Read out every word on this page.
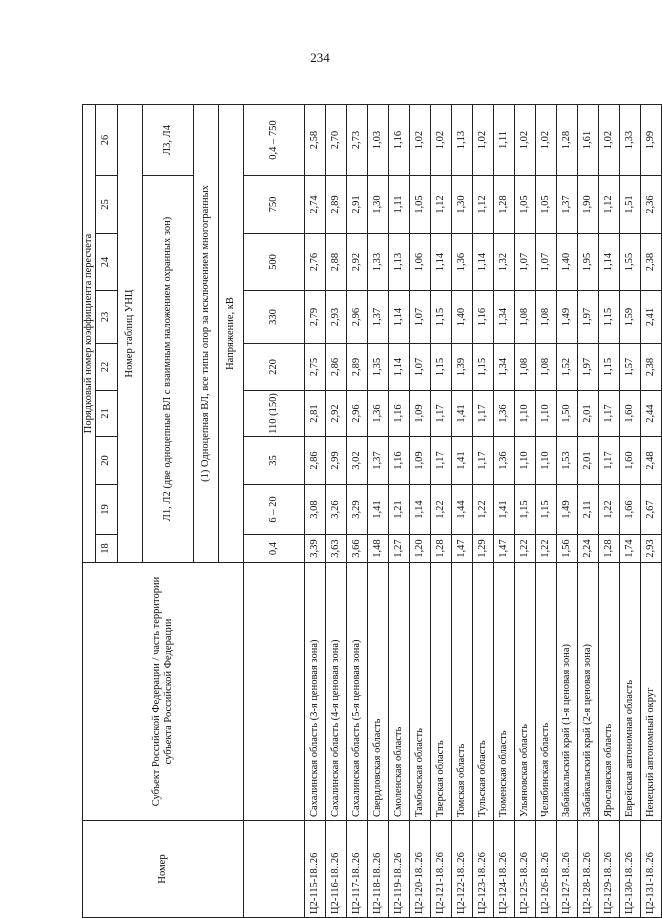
234
Номер	Субъект Российской Федерации / часть территории субъекта Российской Федерации	Порядковый номер коэффициента пересчета								
		18	19	20	21	22	23	24	25	26
		Номер таблиц УНЦ								
		Л1, Л2 (две одноцепные ВЛ с взаимным наложением охранных зон)								Л3, Л4
		(1) Одноцепная ВЛ, все типы опор за исключением многогранных								
		Напряжение, кВ								
		0,4	6 – 20	35	110 (150)	220	330	500	750	0,4 – 750
Ц2-115-18..26	Сахалинская область (3-я ценовая зона)	3,39	3,08	2,86	2,81	2,75	2,79	2,76	2,74	2,58
Ц2-116-18..26	Сахалинская область (4-я ценовая зона)	3,63	3,26	2,99	2,92	2,86	2,93	2,88	2,89	2,70
Ц2-117-18..26	Сахалинская область (5-я ценовая зона)	3,66	3,29	3,02	2,96	2,89	2,96	2,92	2,91	2,73
Ц2-118-18..26	Свердловская область	1,48	1,41	1,37	1,36	1,35	1,37	1,33	1,30	1,03
Ц2-119-18..26	Смоленская область	1,27	1,21	1,16	1,16	1,14	1,14	1,13	1,11	1,16
Ц2-120-18..26	Тамбовская область	1,20	1,14	1,09	1,09	1,07	1,07	1,06	1,05	1,02
Ц2-121-18..26	Тверская область	1,28	1,22	1,17	1,17	1,15	1,15	1,14	1,12	1,02
Ц2-122-18..26	Томская область	1,47	1,44	1,41	1,41	1,39	1,40	1,36	1,30	1,13
Ц2-123-18..26	Тульская область	1,29	1,22	1,17	1,17	1,15	1,16	1,14	1,12	1,02
Ц2-124-18..26	Тюменская область	1,47	1,41	1,36	1,36	1,34	1,34	1,32	1,28	1,11
Ц2-125-18..26	Ульяновская область	1,22	1,15	1,10	1,10	1,08	1,08	1,07	1,05	1,02
Ц2-126-18..26	Челябинская область	1,22	1,15	1,10	1,10	1,08	1,08	1,07	1,05	1,02
Ц2-127-18..26	Забайкальский край (1-я ценовая зона)	1,56	1,49	1,53	1,50	1,52	1,49	1,40	1,37	1,28
Ц2-128-18..26	Забайкальский край (2-я ценовая зона)	2,24	2,11	2,01	2,01	1,97	1,97	1,95	1,90	1,61
Ц2-129-18..26	Ярославская область	1,28	1,22	1,17	1,17	1,15	1,15	1,14	1,12	1,02
Ц2-130-18..26	Еврейская автономная область	1,74	1,66	1,60	1,60	1,57	1,59	1,55	1,51	1,33
Ц2-131-18..26	Ненецкий автономный округ	2,93	2,67	2,48	2,44	2,38	2,41	2,38	2,36	1,99
